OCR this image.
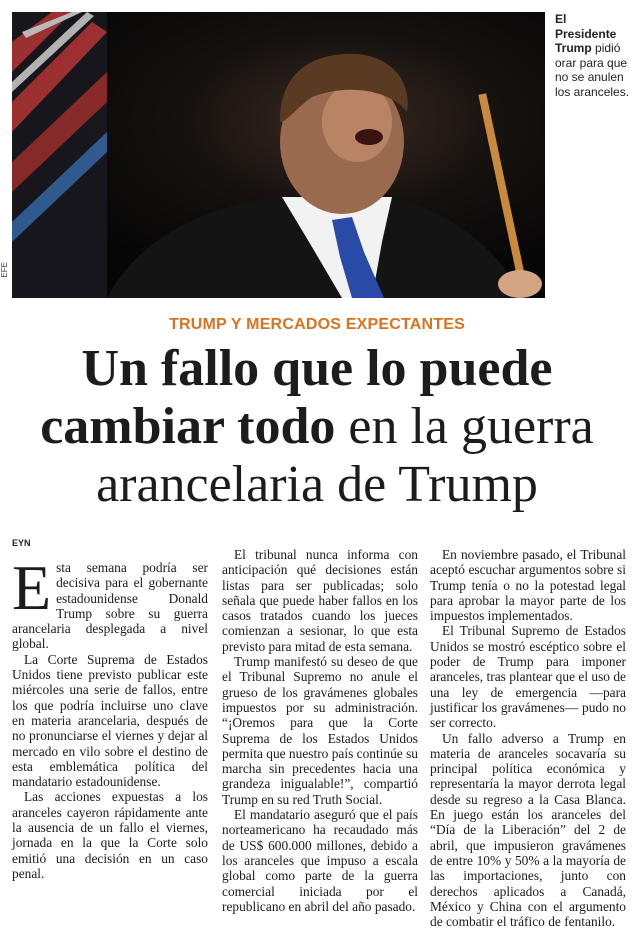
EFE
El Presidente Trump pidió orar para que no se anulen los aranceles.
TRUMP Y MERCADOS EXPECTANTES
Un fallo que lo puede
cambiar todo en la guerra
arancelaria de Trump
EYN

Esta semana podría ser decisiva para el gobernante estadounidense Donald Trump sobre su guerra arancelaria desplegada a nivel global.

La Corte Suprema de Estados Unidos tiene previsto publicar este miércoles una serie de fallos, entre los que podría incluirse uno clave en materia arancelaria, después de no pronunciarse el viernes y dejar al mercado en vilo sobre el destino de esta emblemática política del mandatario estadounidense.

Las acciones expuestas a los aranceles cayeron rápidamente ante la ausencia de un fallo el viernes, jornada en la que la Corte solo emitió una decisión en un caso penal.

El tribunal nunca informa con anticipación qué decisiones están listas para ser publicadas; solo señala que puede haber fallos en los casos tratados cuando los jueces comienzan a sesionar, lo que esta previsto para mitad de esta semana.

Trump manifestó su deseo de que el Tribunal Supremo no anule el grueso de los gravámenes globales impuestos por su administración. “¡Oremos para que la Corte Suprema de los Estados Unidos permita que nuestro país continúe su marcha sin precedentes hacia una grandeza inigualable!”, compartió Trump en su red Truth Social.

El mandatario aseguró que el país norteamericano ha recaudado más de US$ 600.000 millones, debido a los aranceles que impuso a escala global como parte de la guerra comercial iniciada por el republicano en abril del año pasado.

En noviembre pasado, el Tribunal aceptó escuchar argumentos sobre si Trump tenía o no la potestad legal para aprobar la mayor parte de los impuestos implementados.

El Tribunal Supremo de Estados Unidos se mostró escéptico sobre el poder de Trump para imponer aranceles, tras plantear que el uso de una ley de emergencia —para justificar los gravámenes— pudo no ser correcto.

Un fallo adverso a Trump en materia de aranceles socavaría su principal política económica y representaría la mayor derrota legal desde su regreso a la Casa Blanca. En juego están los aranceles del “Día de la Liberación” del 2 de abril, que impusieron gravámenes de entre 10% y 50% a la mayoría de las importaciones, junto con derechos aplicados a Canadá, México y China con el argumento de combatir el tráfico de fentanilo.
